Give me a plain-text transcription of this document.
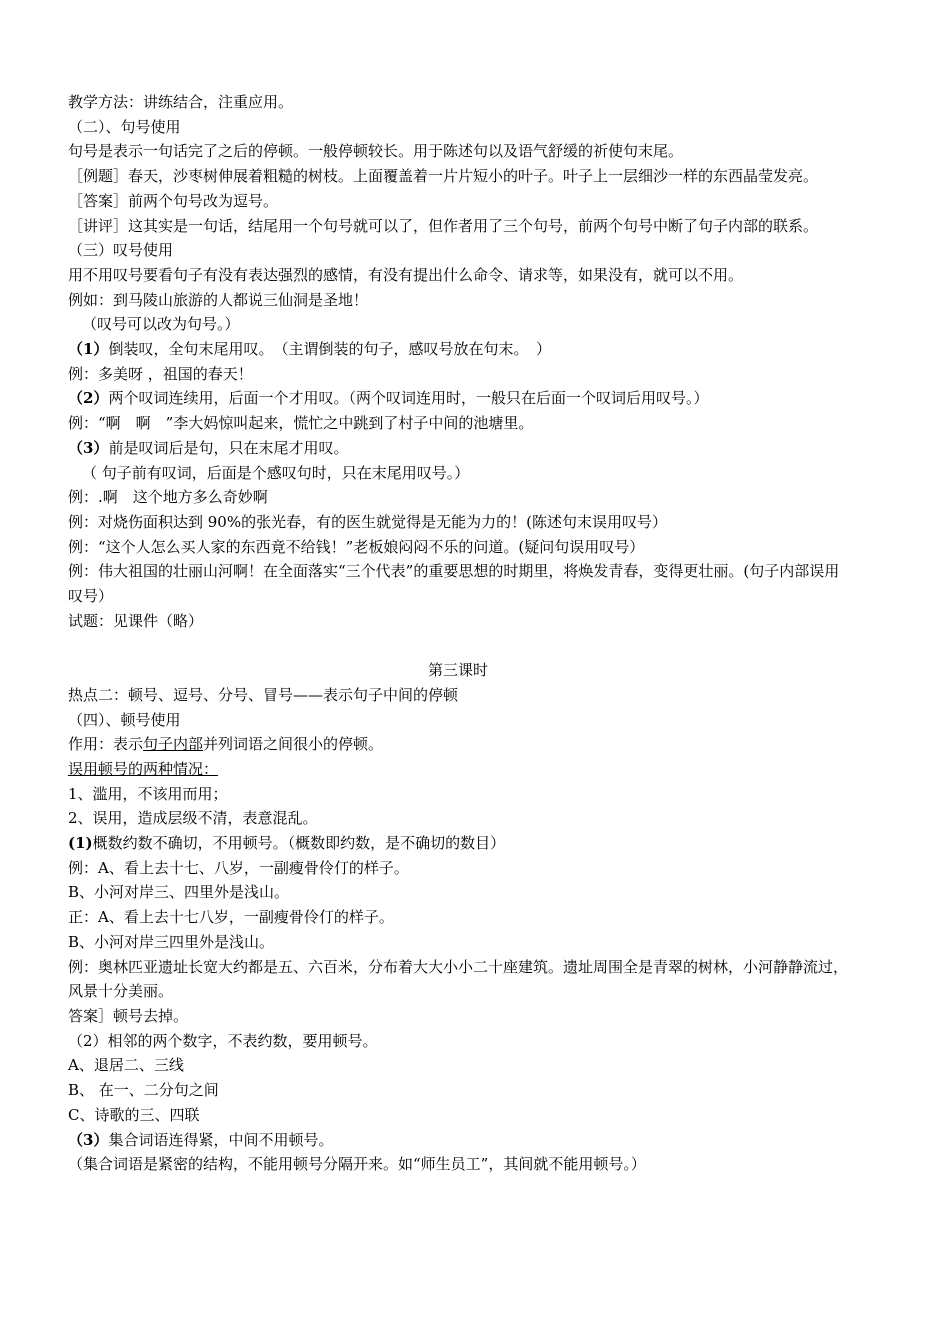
教学方法：讲练结合，注重应用。
（二）、句号使用
句号是表示一句话完了之后的停顿。一般停顿较长。用于陈述句以及语气舒缓的祈使句末尾。
［例题］春天，沙枣树伸展着粗糙的树枝。上面覆盖着一片片短小的叶子。叶子上一层细沙一样的东西晶莹发亮。
［答案］前两个句号改为逗号。
［讲评］这其实是一句话，结尾用一个句号就可以了，但作者用了三个句号，前两个句号中断了句子内部的联系。
（三）叹号使用
用不用叹号要看句子有没有表达强烈的感情，有没有提出什么命令、请求等，如果没有，就可以不用。
例如：到马陵山旅游的人都说三仙洞是圣地！
（叹号可以改为句号。）
（1）倒装叹，全句末尾用叹。　（主谓倒装的句子，感叹号放在句末。　）
例：多美呀 ，祖国的春天！
（2）两个叹词连续用，后面一个才用叹。（两个叹词连用时，一般只在后面一个叹词后用叹号。）
例：“啊　啊　”李大妈惊叫起来，慌忙之中跳到了村子中间的池塘里。
（3）前是叹词后是句，只在末尾才用叹。
（ 句子前有叹词，后面是个感叹句时，只在末尾用叹号。）
例：.啊　这个地方多么奇妙啊
例：对烧伤面积达到 90%的张光春，有的医生就觉得是无能为力的！(陈述句末误用叹号）
例：“这个人怎么买人家的东西竟不给钱！”老板娘闷闷不乐的问道。(疑问句误用叹号）
例：伟大祖国的壮丽山河啊！在全面落实“三个代表”的重要思想的时期里，将焕发青春，变得更壮丽。(句子内部误用叹号）
试题：见课件（略）
第三课时
热点二：顿号、逗号、分号、冒号——表示句子中间的停顿
（四）、顿号使用
作用：表示句子内部并列词语之间很小的停顿。
误用顿号的两种情况：
1、滥用，不该用而用；
2、误用，造成层级不清，表意混乱。
(1)概数约数不确切，不用顿号。（概数即约数，是不确切的数目）
例：A、看上去十七、八岁，一副瘦骨伶仃的样子。
B、小河对岸三、四里外是浅山。
正：A、看上去十七八岁，一副瘦骨伶仃的样子。
B、小河对岸三四里外是浅山。
例：奥林匹亚遗址长宽大约都是五、六百米，分布着大大小小二十座建筑。遗址周围全是青翠的树林，小河静静流过，风景十分美丽。
答案］顿号去掉。
（2）相邻的两个数字，不表约数，要用顿号。
A、退居二、三线
B、 在一、二分句之间
C、诗歌的三、四联
（3）集合词语连得紧，中间不用顿号。
（集合词语是紧密的结构，不能用顿号分隔开来。如“师生员工”，其间就不能用顿号。）
